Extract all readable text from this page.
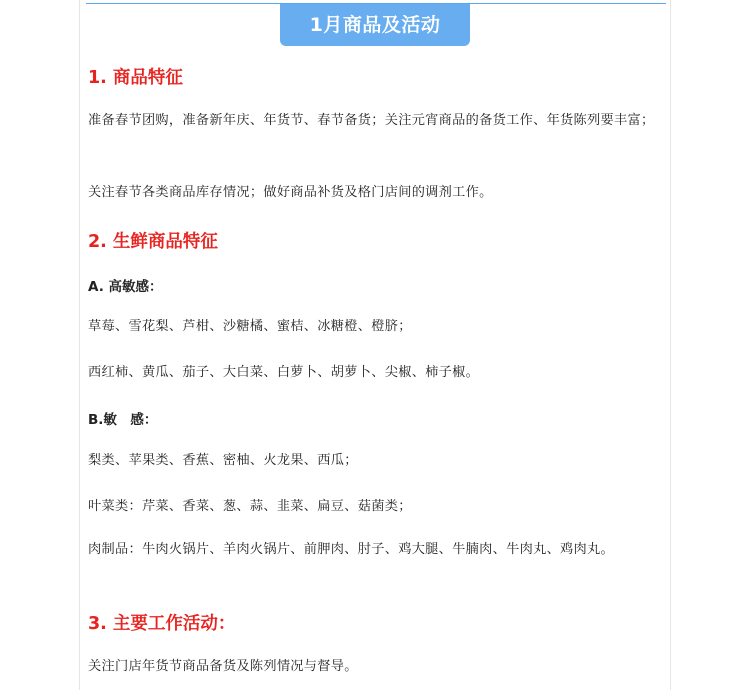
1月商品及活动
1. 商品特征
准备春节团购，准备新年庆、年货节、春节备货；关注元宵商品的备货工作、年货陈列要丰富；
关注春节各类商品库存情况；做好商品补货及格门店间的调剂工作。
2. 生鲜商品特征
A. 高敏感：
草莓、雪花梨、芦柑、沙糖橘、蜜桔、冰糖橙、橙脐；
西红柿、黄瓜、茄子、大白菜、白萝卜、胡萝卜、尖椒、柿子椒。
B.敏　感：
梨类、苹果类、香蕉、密柚、火龙果、西瓜；
叶菜类：芹菜、香菜、葱、蒜、韭菜、扁豆、菇菌类；
肉制品：牛肉火锅片、羊肉火锅片、前胛肉、肘子、鸡大腿、牛腩肉、牛肉丸、鸡肉丸。
3. 主要工作活动：
关注门店年货节商品备货及陈列情况与督导。
